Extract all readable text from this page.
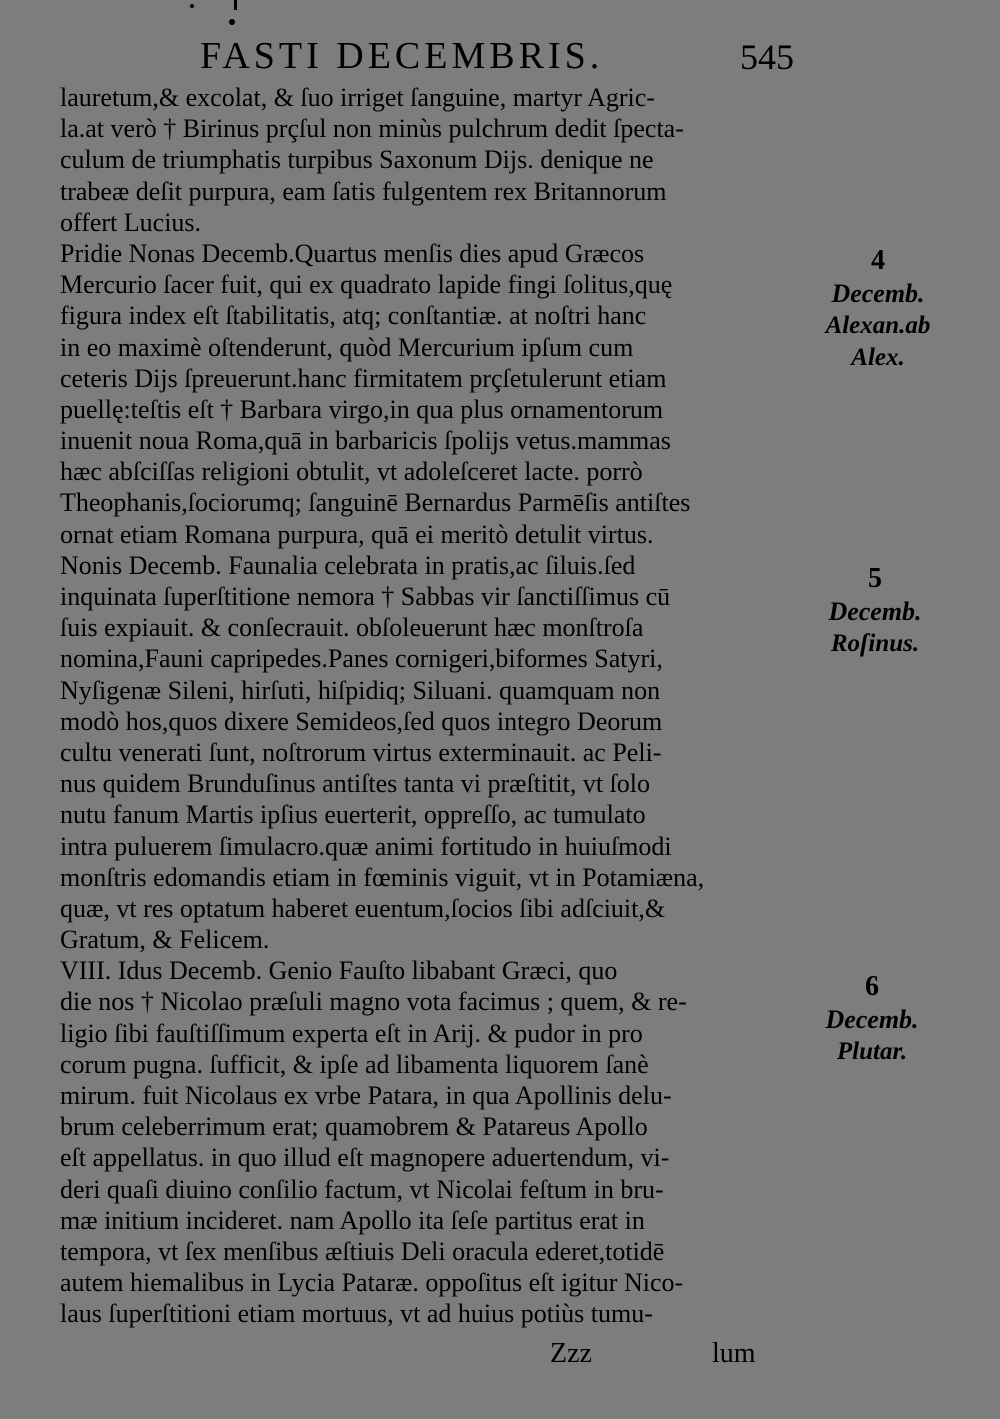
FASTI DECEMBRIS.	545
lauretum,& excolat, & ſuo irriget ſanguine, martyr Agric-
la.at verò † Birinus prçſul non minùs pulchrum dedit ſpecta-
culum de triumphatis turpibus Saxonum Dijs. denique ne
trabeæ deſit purpura, eam ſatis fulgentem rex Britannorum
offert Lucius.
Pridie Nonas Decemb.Quartus menſis dies apud Græcos
Mercurio ſacer fuit, qui ex quadrato lapide fingi ſolitus,quę
figura index eſt ſtabilitatis, atq; conſtantiæ. at noſtri hanc
in eo maximè oſtenderunt, quòd Mercurium ipſum cum
ceteris Dijs ſpreuerunt.hanc firmitatem prçſetulerunt etiam
puellę:teſtis eſt † Barbara virgo,in qua plus ornamentorum
inuenit noua Roma,quā in barbaricis ſpolijs vetus.mammas
hæc abſciſſas religioni obtulit, vt adoleſceret lacte. porrò
Theophanis,ſociorumq; ſanguinē Bernardus Parmēſis antiſtes
ornat etiam Romana purpura, quā ei meritò detulit virtus.
Nonis Decemb. Faunalia celebrata in pratis,ac ſiluis.ſed
inquinata ſuperſtitione nemora † Sabbas vir ſanctiſſimus cū
ſuis expiauit. & conſecrauit. obſoleuerunt hæc monſtroſa
nomina,Fauni capripedes.Panes cornigeri,biformes Satyri,
Nyſigenæ Sileni, hirſuti, hiſpidiq; Siluani. quamquam non
modò hos,quos dixere Semideos,ſed quos integro Deorum
cultu venerati ſunt, noſtrorum virtus exterminauit. ac Peli-
nus quidem Brunduſinus antiſtes tanta vi præſtitit, vt ſolo
nutu fanum Martis ipſius euerterit, oppreſſo, ac tumulato
intra puluerem ſimulacro.quæ animi fortitudo in huiuſmodi
monſtris edomandis etiam in fœminis viguit, vt in Potamiæna,
quæ, vt res optatum haberet euentum,ſocios ſibi adſciuit,&
Gratum, & Felicem.
VIII. Idus Decemb. Genio Fauſto libabant Græci, quo
die nos † Nicolao præſuli magno vota facimus ; quem, & re-
ligio ſibi fauſtiſſimum experta eſt in Arij. & pudor in pro
corum pugna. ſufficit, & ipſe ad libamenta liquorem ſanè
mirum. fuit Nicolaus ex vrbe Patara, in qua Apollinis delu-
brum celeberrimum erat; quamobrem & Patareus Apollo
eſt appellatus. in quo illud eſt magnopere aduertendum, vi-
deri quaſi diuino conſilio factum, vt Nicolai feſtum in bru-
mæ initium incideret. nam Apollo ita ſeſe partitus erat in
tempora, vt ſex menſibus æſtiuis Deli oracula ederet,totidē
autem hiemalibus in Lycia Pataræ. oppoſitus eſt igitur Nico-
laus ſuperſtitioni etiam mortuus, vt ad huius potiùs tumu-
4
Decemb.
Alexan.ab
Alex.
5
Decemb.
Roſinus.
6
Decemb.
Plutar.
Zzz	lum
